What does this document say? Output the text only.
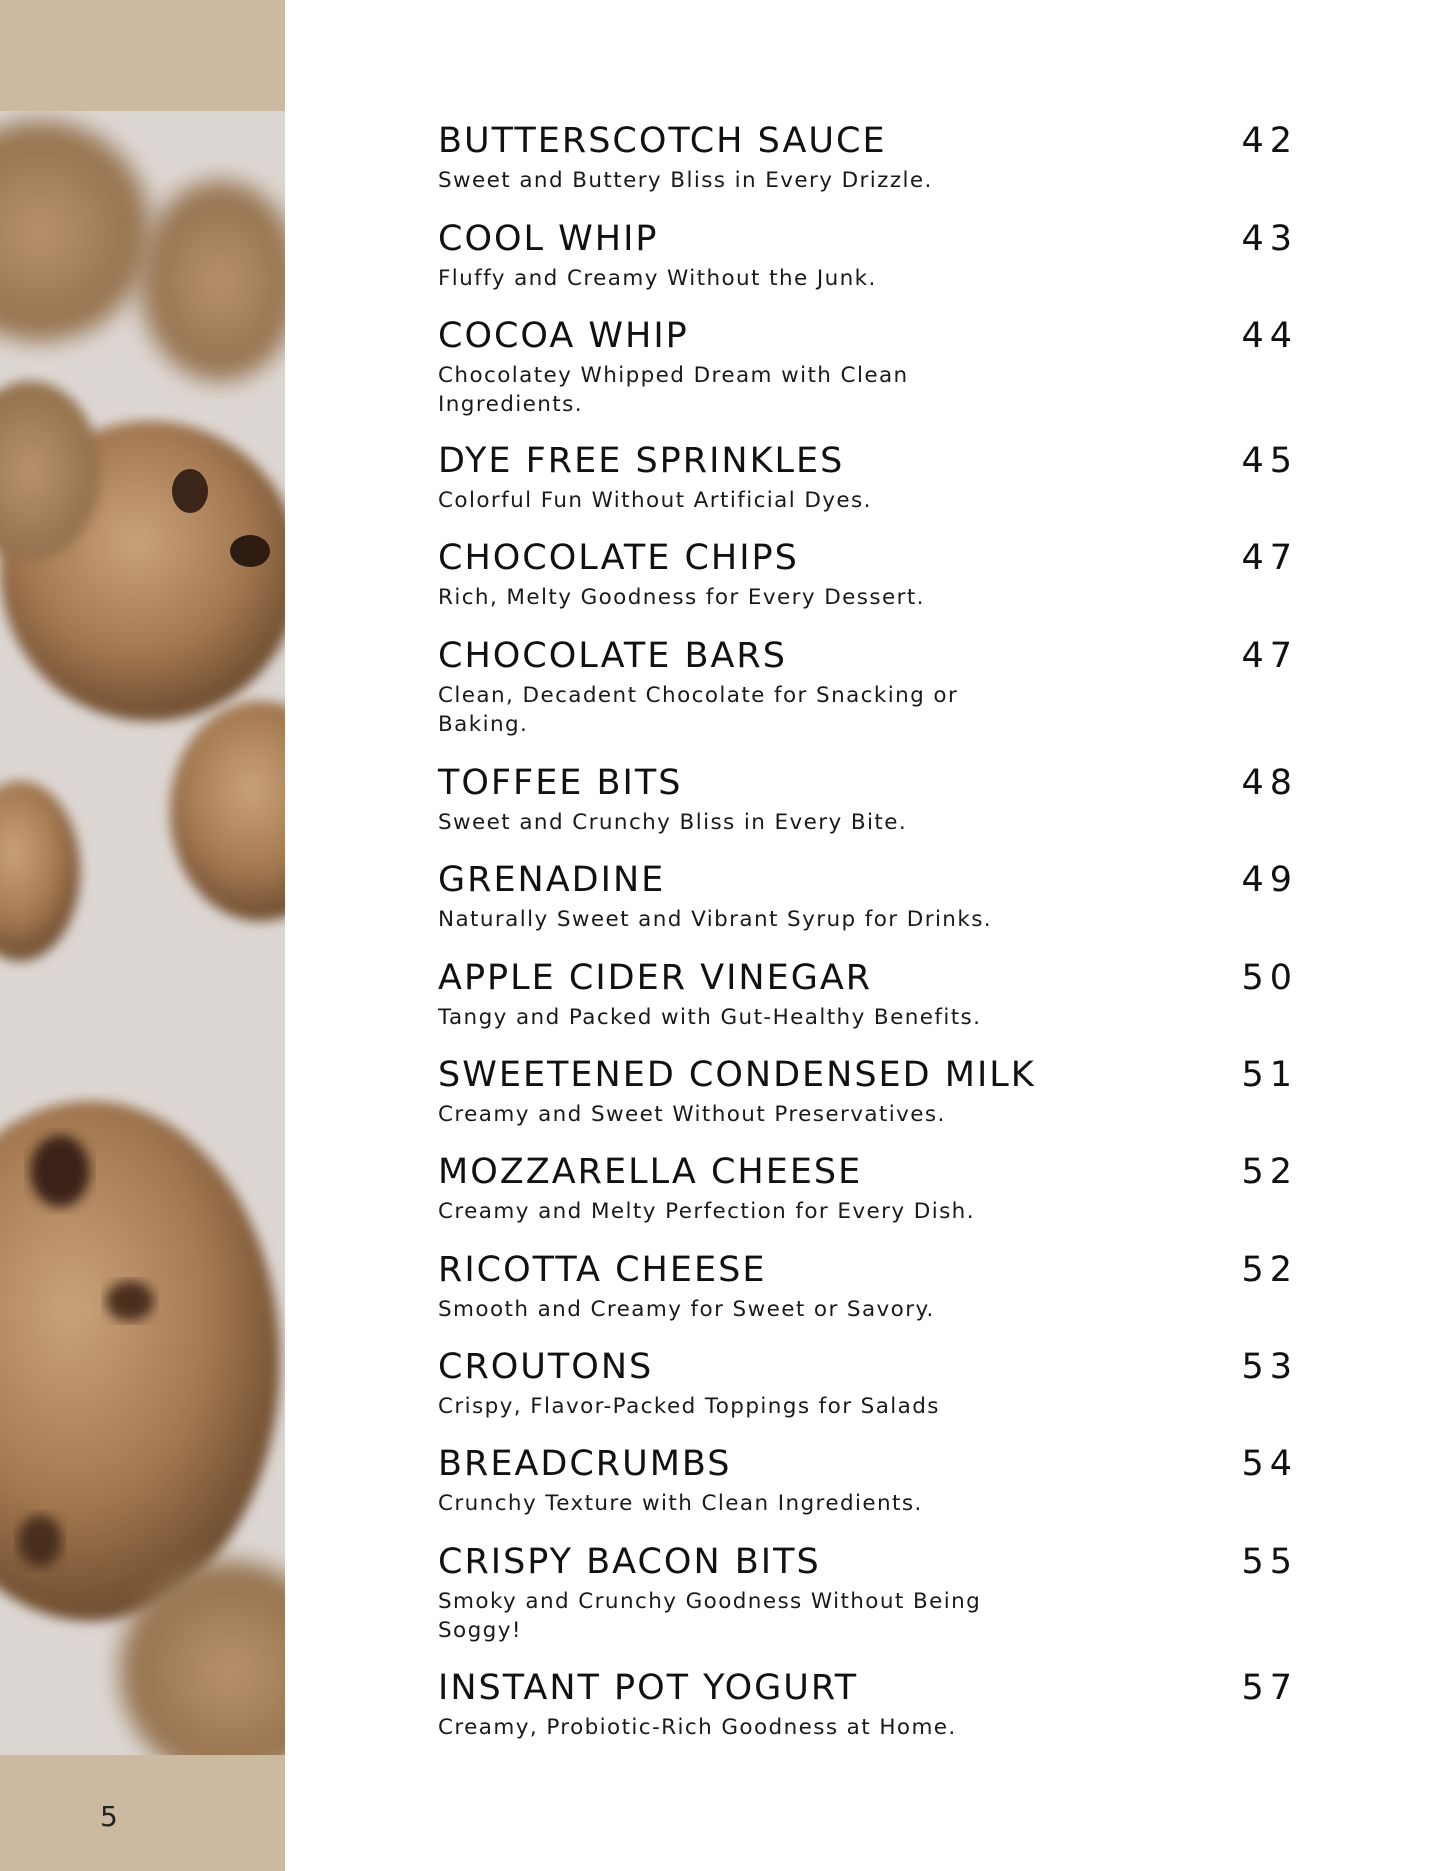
5
BUTTERSCOTCH SAUCE	42
Sweet and Buttery Bliss in Every Drizzle.
COOL WHIP	43
Fluffy and Creamy Without the Junk.
COCOA WHIP	44
Chocolatey Whipped Dream with Clean Ingredients.
DYE FREE SPRINKLES	45
Colorful Fun Without Artificial Dyes.
CHOCOLATE CHIPS	47
Rich, Melty Goodness for Every Dessert.
CHOCOLATE BARS	47
Clean, Decadent Chocolate for Snacking or Baking.
TOFFEE BITS	48
Sweet and Crunchy Bliss in Every Bite.
GRENADINE	49
Naturally Sweet and Vibrant Syrup for Drinks.
APPLE CIDER VINEGAR	50
Tangy and Packed with Gut-Healthy Benefits.
SWEETENED CONDENSED MILK	51
Creamy and Sweet Without Preservatives.
MOZZARELLA CHEESE	52
Creamy and Melty Perfection for Every Dish.
RICOTTA CHEESE	52
Smooth and Creamy for Sweet or Savory.
CROUTONS	53
Crispy, Flavor-Packed Toppings for Salads
BREADCRUMBS	54
Crunchy Texture with Clean Ingredients.
CRISPY BACON BITS	55
Smoky and Crunchy Goodness Without Being Soggy!
INSTANT POT YOGURT	57
Creamy, Probiotic-Rich Goodness at Home.
